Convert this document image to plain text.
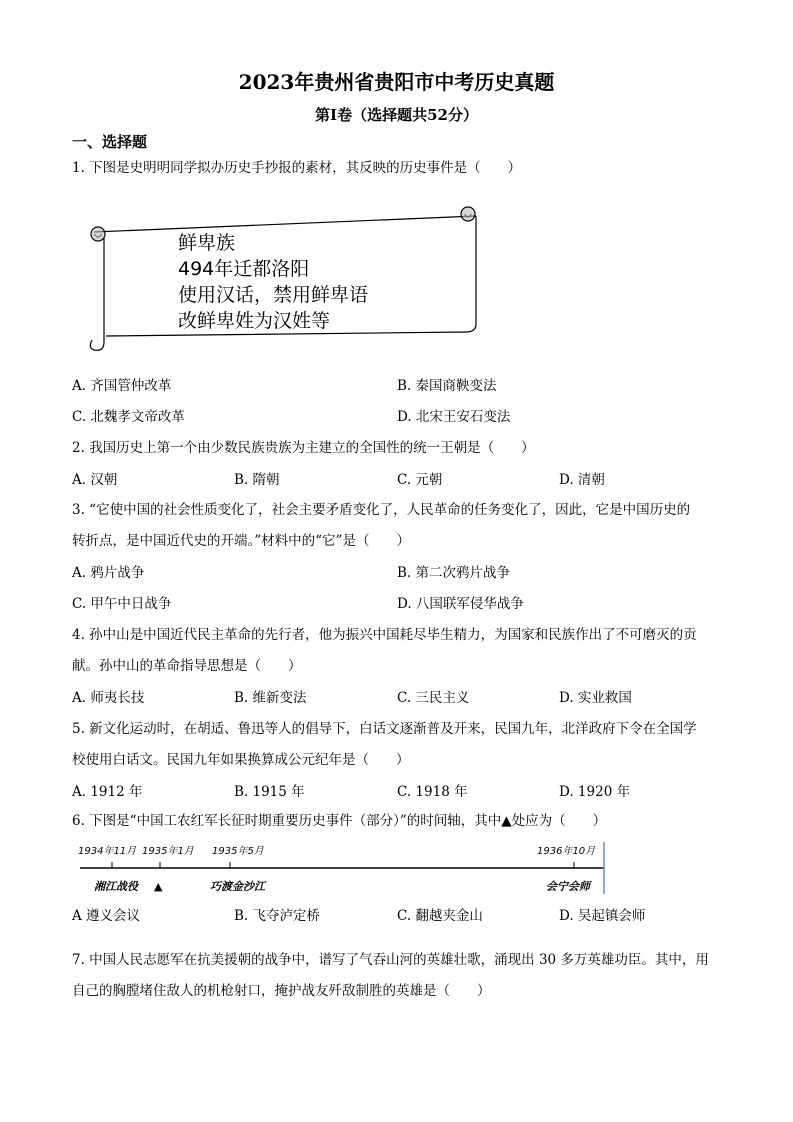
2023年贵州省贵阳市中考历史真题
第Ⅰ卷（选择题共52分）
一、选择题
1. 下图是史明明同学拟办历史手抄报的素材，其反映的历史事件是（　　）
鲜卑族
494年迁都洛阳
使用汉话，禁用鲜卑语
改鲜卑姓为汉姓等
A. 齐国管仲改革	B. 秦国商鞅变法
C. 北魏孝文帝改革	D. 北宋王安石变法
2. 我国历史上第一个由少数民族贵族为主建立的全国性的统一王朝是（　　）
A. 汉朝	B. 隋朝	C. 元朝	D. 清朝
3. “它使中国的社会性质变化了，社会主要矛盾变化了，人民革命的任务变化了，因此，它是中国历史的
转折点，是中国近代史的开端。”材料中的“它”是（　　）
A. 鸦片战争	B. 第二次鸦片战争
C. 甲午中日战争	D. 八国联军侵华战争
4. 孙中山是中国近代民主革命的先行者，他为振兴中国耗尽毕生精力，为国家和民族作出了不可磨灭的贡
献。孙中山的革命指导思想是（　　）
A. 师夷长技	B. 维新变法	C. 三民主义	D. 实业救国
5. 新文化运动时，在胡适、鲁迅等人的倡导下，白话文逐渐普及开来，民国九年，北洋政府下令在全国学
校使用白话文。民国九年如果换算成公元纪年是（　　）
A. 1912 年	B. 1915 年	C. 1918 年	D. 1920 年
6. 下图是“中国工农红军长征时期重要历史事件（部分）”的时间轴，其中▲处应为（　　）
1934年11月 1935年1月 1935年5月	1936年10月
湘江战役 ▲	巧渡金沙江	会宁会师
A 遵义会议	B. 飞夺泸定桥	C. 翻越夹金山	D. 吴起镇会师
7. 中国人民志愿军在抗美援朝的战争中，谱写了气吞山河的英雄壮歌，涌现出 30 多万英雄功臣。其中，用
自己的胸膛堵住敌人的机枪射口，掩护战友歼敌制胜的英雄是（　　）
